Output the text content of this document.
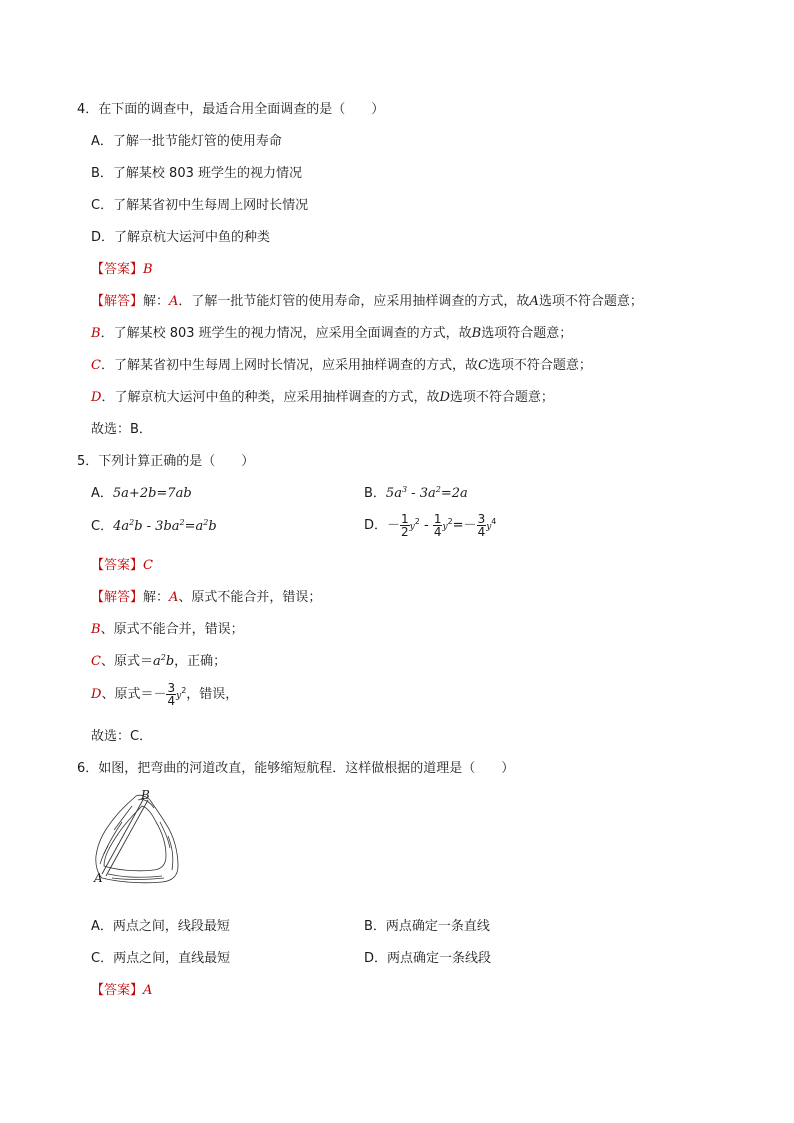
4．在下面的调查中，最适合用全面调查的是（　　）
A．了解一批节能灯管的使用寿命
B．了解某校 803 班学生的视力情况
C．了解某省初中生每周上网时长情况
D．了解京杭大运河中鱼的种类
【答案】B
【解答】解：A．了解一批节能灯管的使用寿命，应采用抽样调查的方式，故A选项不符合题意；
B．了解某校 803 班学生的视力情况，应采用全面调查的方式，故B选项符合题意；
C．了解某省初中生每周上网时长情况，应采用抽样调查的方式，故C选项不符合题意；
D．了解京杭大运河中鱼的种类，应采用抽样调查的方式，故D选项不符合题意；
故选：B．
5．下列计算正确的是（　　）
A．5a+2b=7ab	B．$5a^3 - 3a^2=2a$
C．$4a^2b - 3ba^2=a^2b$	D．－ $\frac{1}{2} y^2 - \frac{1}{4} y^2=- \frac{3}{4} y^4$
【答案】C
【解答】解：A、原式不能合并，错误；
B、原式不能合并，错误；
C、原式$=a^2b$，正确；
D、原式＝－ $\frac{3}{4} y^2$，错误，
故选：C．
6．如图，把弯曲的河道改直，能够缩短航程．这样做根据的道理是（　　）
B
A
A．两点之间，线段最短	B．两点确定一条直线
C．两点之间，直线最短	D．两点确定一条线段
【答案】A
